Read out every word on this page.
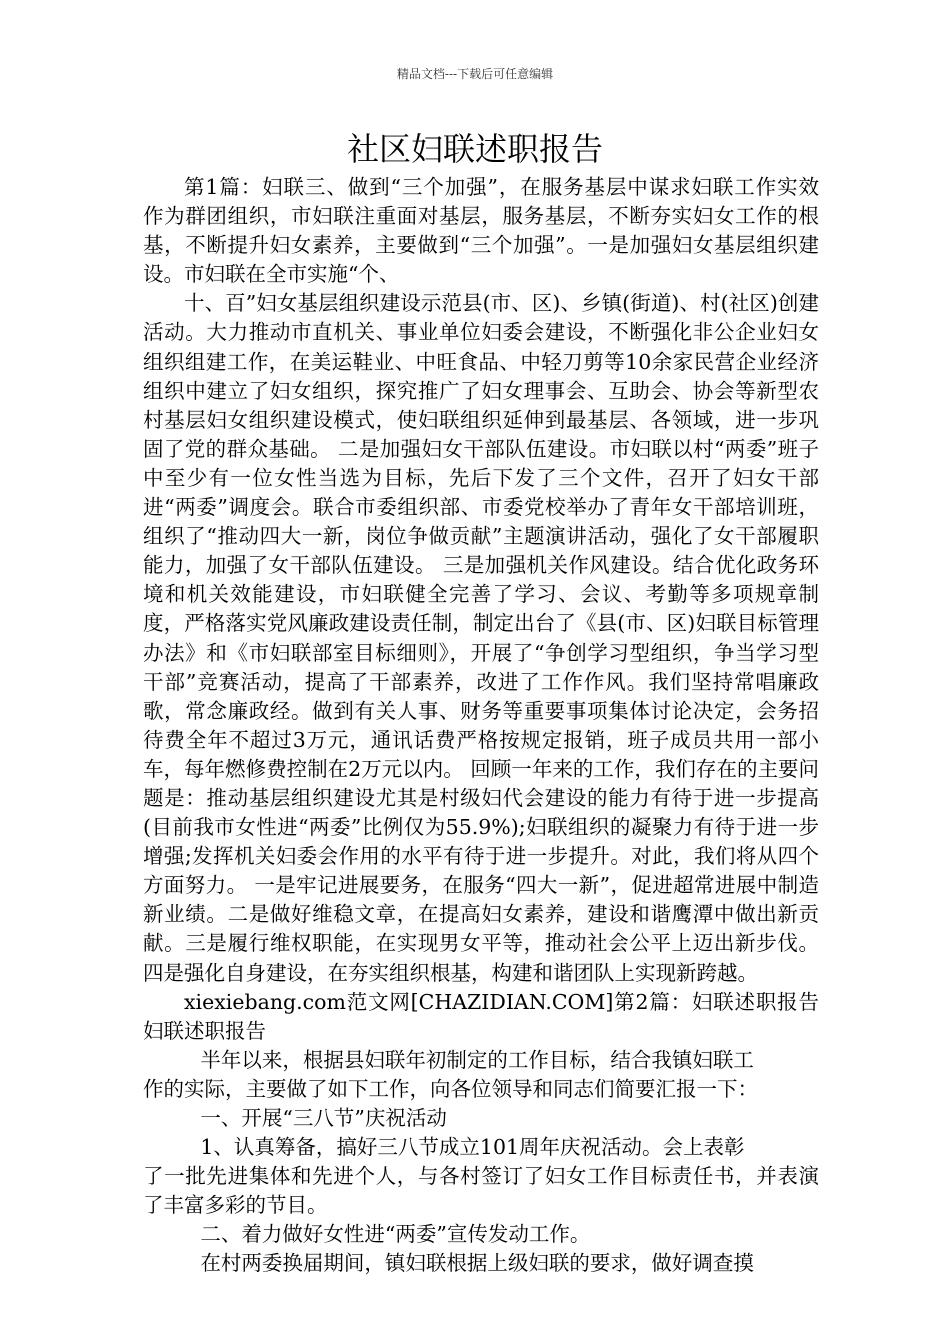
精品文档---下载后可任意编辑
社区妇联述职报告

第1篇：妇联三、做到“三个加强”，在服务基层中谋求妇联工作实效 作为群团组织，市妇联注重面对基层，服务基层，不断夯实妇女工作的根基，不断提升妇女素养，主要做到“三个加强”。一是加强妇女基层组织建设。市妇联在全市实施“个、

十、百”妇女基层组织建设示范县(市、区)、乡镇(街道)、村(社区)创建活动。大力推动市直机关、事业单位妇委会建设，不断强化非公企业妇女组织组建工作，在美运鞋业、中旺食品、中轻刀剪等10余家民营企业经济组织中建立了妇女组织，探究推广了妇女理事会、互助会、协会等新型农村基层妇女组织建设模式，使妇联组织延伸到最基层、各领域，进一步巩固了党的群众基础。 二是加强妇女干部队伍建设。市妇联以村“两委”班子中至少有一位女性当选为目标，先后下发了三个文件，召开了妇女干部进“两委”调度会。联合市委组织部、市委党校举办了青年女干部培训班，组织了“推动四大一新，岗位争做贡献”主题演讲活动，强化了女干部履职能力，加强了女干部队伍建设。 三是加强机关作风建设。结合优化政务环境和机关效能建设，市妇联健全完善了学习、会议、考勤等多项规章制度，严格落实党风廉政建设责任制，制定出台了《县(市、区)妇联目标管理办法》和《市妇联部室目标细则》，开展了“争创学习型组织，争当学习型干部”竞赛活动，提高了干部素养，改进了工作作风。我们坚持常唱廉政歌，常念廉政经。做到有关人事、财务等重要事项集体讨论决定，会务招待费全年不超过3万元，通讯话费严格按规定报销，班子成员共用一部小车，每年燃修费控制在2万元以内。 回顾一年来的工作，我们存在的主要问题是：推动基层组织建设尤其是村级妇代会建设的能力有待于进一步提高(目前我市女性进“两委”比例仅为55.9%);妇联组织的凝聚力有待于进一步增强;发挥机关妇委会作用的水平有待于进一步提升。对此，我们将从四个方面努力。 一是牢记进展要务，在服务“四大一新”，促进超常进展中制造新业绩。二是做好维稳文章，在提高妇女素养，建设和谐鹰潭中做出新贡献。三是履行维权职能，在实现男女平等，推动社会公平上迈出新步伐。四是强化自身建设，在夯实组织根基，构建和谐团队上实现新跨越。

xiexiebang.com范文网[CHAZIDIAN.COM]第2篇：妇联述职报告妇联述职报告

半年以来，根据县妇联年初制定的工作目标，结合我镇妇联工

作的实际，主要做了如下工作，向各位领导和同志们简要汇报一下：

一、开展“三八节”庆祝活动

1、认真筹备，搞好三八节成立101周年庆祝活动。会上表彰

了一批先进集体和先进个人，与各村签订了妇女工作目标责任书，并表演了丰富多彩的节目。

二、着力做好女性进“两委”宣传发动工作。

在村两委换届期间，镇妇联根据上级妇联的要求，做好调查摸
